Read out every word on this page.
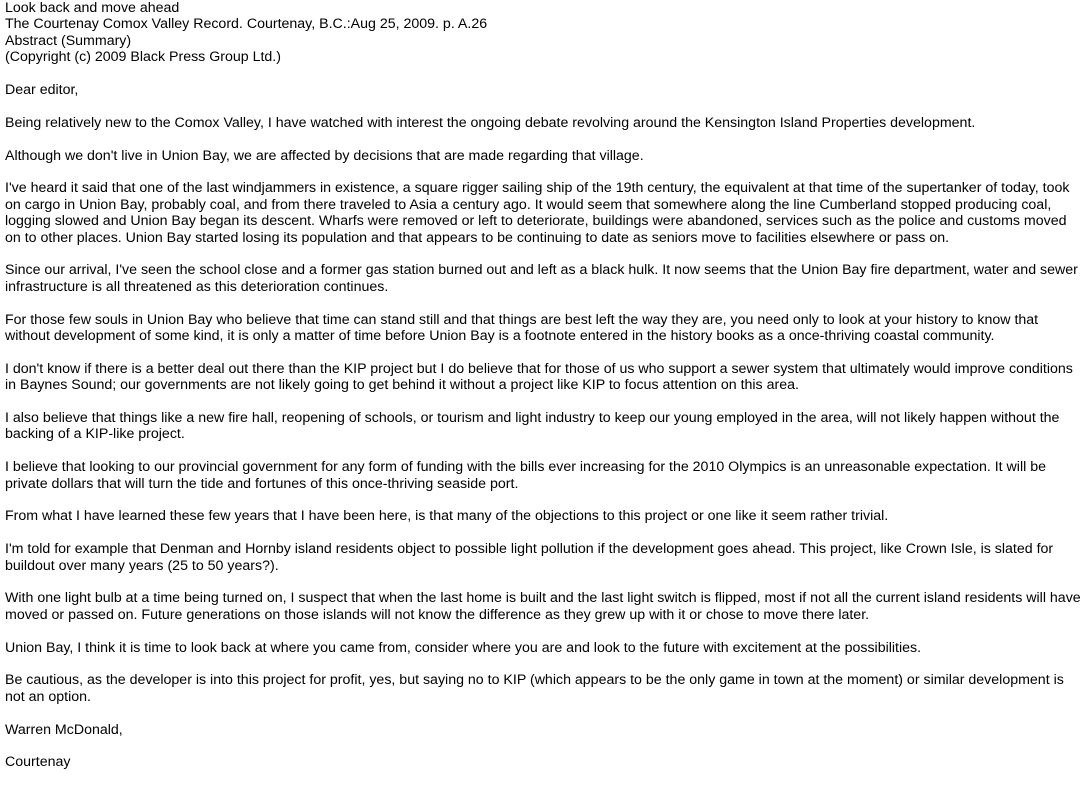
Look back and move ahead
The Courtenay Comox Valley Record. Courtenay, B.C.:Aug 25, 2009. p. A.26
Abstract (Summary)
(Copyright (c) 2009 Black Press Group Ltd.)

Dear editor,

Being relatively new to the Comox Valley, I have watched with interest the ongoing debate revolving around the Kensington Island Properties development.

Although we don't live in Union Bay, we are affected by decisions that are made regarding that village.

I've heard it said that one of the last windjammers in existence, a square rigger sailing ship of the 19th century, the equivalent at that time of the supertanker of today, took on cargo in Union Bay, probably coal, and from there traveled to Asia a century ago. It would seem that somewhere along the line Cumberland stopped producing coal, logging slowed and Union Bay began its descent. Wharfs were removed or left to deteriorate, buildings were abandoned, services such as the police and customs moved on to other places. Union Bay started losing its population and that appears to be continuing to date as seniors move to facilities elsewhere or pass on.

Since our arrival, I've seen the school close and a former gas station burned out and left as a black hulk. It now seems that the Union Bay fire department, water and sewer infrastructure is all threatened as this deterioration continues.

For those few souls in Union Bay who believe that time can stand still and that things are best left the way they are, you need only to look at your history to know that without development of some kind, it is only a matter of time before Union Bay is a footnote entered in the history books as a once-thriving coastal community.

I don't know if there is a better deal out there than the KIP project but I do believe that for those of us who support a sewer system that ultimately would improve conditions in Baynes Sound; our governments are not likely going to get behind it without a project like KIP to focus attention on this area.

I also believe that things like a new fire hall, reopening of schools, or tourism and light industry to keep our young employed in the area, will not likely happen without the backing of a KIP-like project.

I believe that looking to our provincial government for any form of funding with the bills ever increasing for the 2010 Olympics is an unreasonable expectation. It will be private dollars that will turn the tide and fortunes of this once-thriving seaside port.

From what I have learned these few years that I have been here, is that many of the objections to this project or one like it seem rather trivial.

I'm told for example that Denman and Hornby island residents object to possible light pollution if the development goes ahead. This project, like Crown Isle, is slated for buildout over many years (25 to 50 years?).

With one light bulb at a time being turned on, I suspect that when the last home is built and the last light switch is flipped, most if not all the current island residents will have moved or passed on. Future generations on those islands will not know the difference as they grew up with it or chose to move there later.

Union Bay, I think it is time to look back at where you came from, consider where you are and look to the future with excitement at the possibilities.

Be cautious, as the developer is into this project for profit, yes, but saying no to KIP (which appears to be the only game in town at the moment) or similar development is not an option.

Warren McDonald,

Courtenay
